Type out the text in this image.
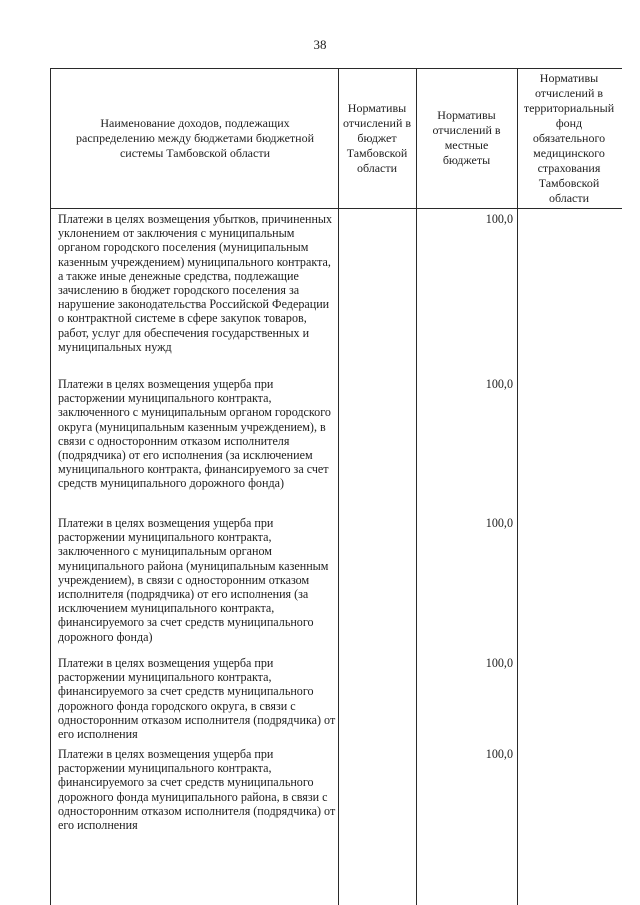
38
Наименование доходов, подлежащих распределению между бюджетами бюджетной системы Тамбовской области
Нормативы отчислений в бюджет Тамбовской области
Нормативы отчислений в местные бюджеты
Нормативы отчислений в территориальный фонд обязательного медицинского страхования Тамбовской области
Платежи в целях возмещения убытков, причиненных уклонением от заключения с муниципальным органом городского поселения (муниципальным казенным учреждением) муниципального контракта, а также иные денежные средства, подлежащие зачислению в бюджет городского поселения за нарушение законодательства Российской Федерации о контрактной системе в сфере закупок товаров, работ, услуг для обеспечения государственных и муниципальных нужд
100,0
Платежи в целях возмещения ущерба при расторжении муниципального контракта, заключенного с муниципальным органом городского округа (муниципальным казенным учреждением), в связи с односторонним отказом исполнителя (подрядчика) от его исполнения (за исключением муниципального контракта, финансируемого за счет средств муниципального дорожного фонда)
100,0
Платежи в целях возмещения ущерба при расторжении муниципального контракта, заключенного с муниципальным органом муниципального района (муниципальным казенным учреждением), в связи с односторонним отказом исполнителя (подрядчика) от его исполнения (за исключением муниципального контракта, финансируемого за счет средств муниципального дорожного фонда)
100,0
Платежи в целях возмещения ущерба при расторжении муниципального контракта, финансируемого за счет средств муниципального дорожного фонда городского округа, в связи с односторонним отказом исполнителя (подрядчика) от его исполнения
100,0
Платежи в целях возмещения ущерба при расторжении муниципального контракта, финансируемого за счет средств муниципального дорожного фонда муниципального района, в связи с односторонним отказом исполнителя (подрядчика) от его исполнения
100,0
